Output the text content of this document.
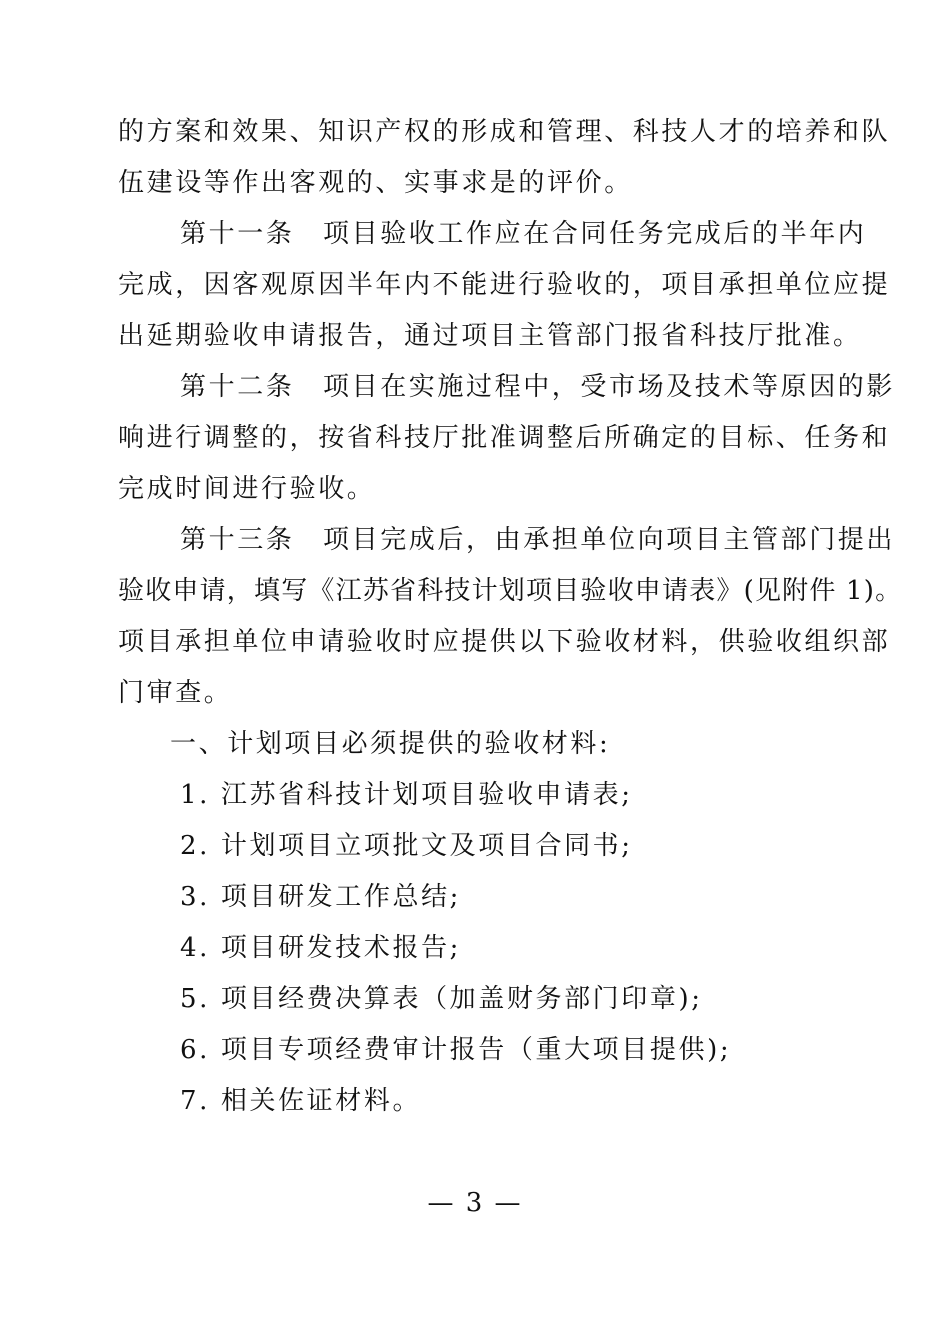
的方案和效果、知识产权的形成和管理、科技人才的培养和队
伍建设等作出客观的、实事求是的评价。
第十一条　项目验收工作应在合同任务完成后的半年内
完成，因客观原因半年内不能进行验收的，项目承担单位应提
出延期验收申请报告，通过项目主管部门报省科技厅批准。
第十二条　项目在实施过程中，受市场及技术等原因的影
响进行调整的，按省科技厅批准调整后所确定的目标、任务和
完成时间进行验收。
第十三条　项目完成后，由承担单位向项目主管部门提出
验收申请，填写《江苏省科技计划项目验收申请表》(见附件 1)。
项目承担单位申请验收时应提供以下验收材料，供验收组织部
门审查。
一、计划项目必须提供的验收材料:
1. 江苏省科技计划项目验收申请表;
2. 计划项目立项批文及项目合同书;
3. 项目研发工作总结;
4. 项目研发技术报告;
5. 项目经费决算表（加盖财务部门印章);
6. 项目专项经费审计报告（重大项目提供);
7. 相关佐证材料。
— 3 —
